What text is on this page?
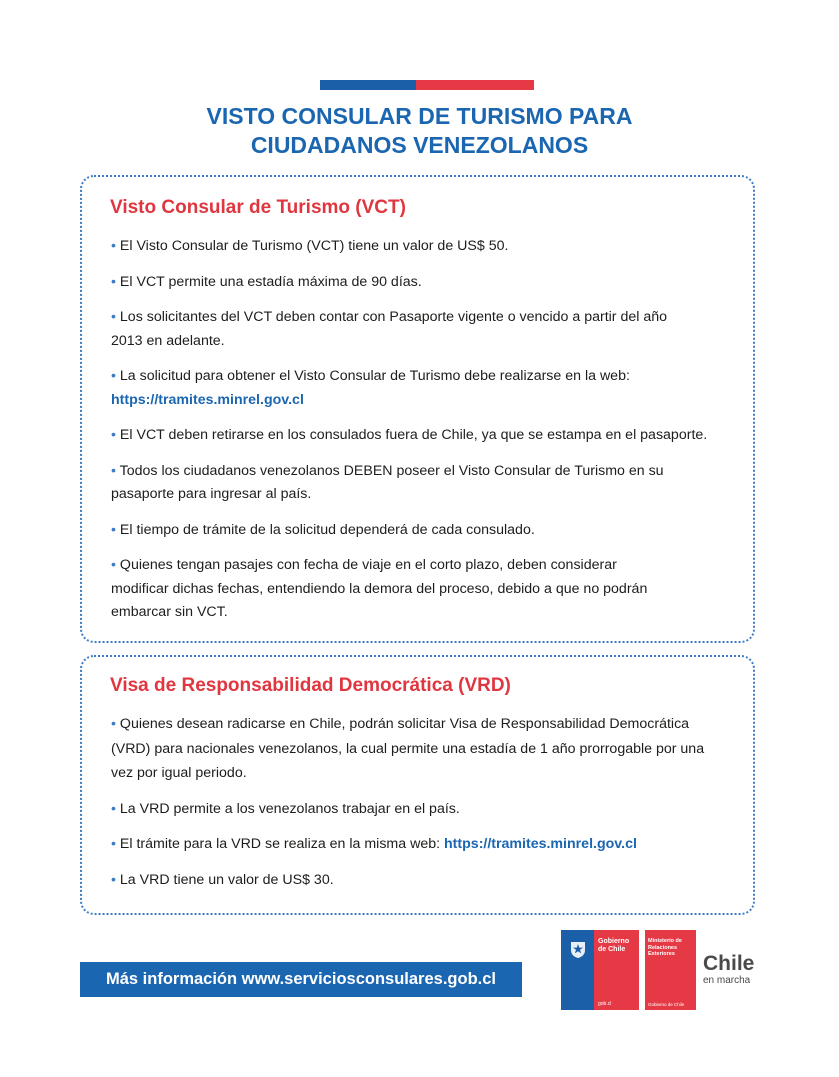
VISTO CONSULAR DE TURISMO PARA
CIUDADANOS VENEZOLANOS
Visto Consular de Turismo (VCT)
• El Visto Consular de Turismo (VCT) tiene un valor de US$ 50.
• El VCT permite una estadía máxima de 90 días.
• Los solicitantes del VCT deben contar con Pasaporte vigente o vencido a partir del año 2013 en adelante.
• La solicitud para obtener el Visto Consular de Turismo debe realizarse en la web:
https://tramites.minrel.gov.cl
• El VCT deben retirarse en los consulados fuera de Chile, ya que se estampa en el pasaporte.
• Todos los ciudadanos venezolanos DEBEN poseer el Visto Consular de Turismo en su pasaporte para ingresar al país.
• El tiempo de trámite de la solicitud dependerá de cada consulado.
• Quienes tengan pasajes con fecha de viaje en el corto plazo, deben considerar modificar dichas fechas, entendiendo la demora del proceso, debido a que no podrán embarcar sin VCT.
Visa de Responsabilidad Democrática (VRD)
• Quienes desean radicarse en Chile, podrán solicitar Visa de Responsabilidad Democrática (VRD) para nacionales venezolanos, la cual permite una estadía de 1 año prorrogable por una vez por igual periodo.
• La VRD permite a los venezolanos trabajar en el país.
• El trámite para la VRD se realiza en la misma web: https://tramites.minrel.gov.cl
• La VRD tiene un valor de US$ 30.
Más información www.serviciosconsulares.gob.cl
Gobierno
de Chile
gob.cl
Ministerio de
Relaciones
Exteriores
Gobierno de Chile
Chile
en marcha
